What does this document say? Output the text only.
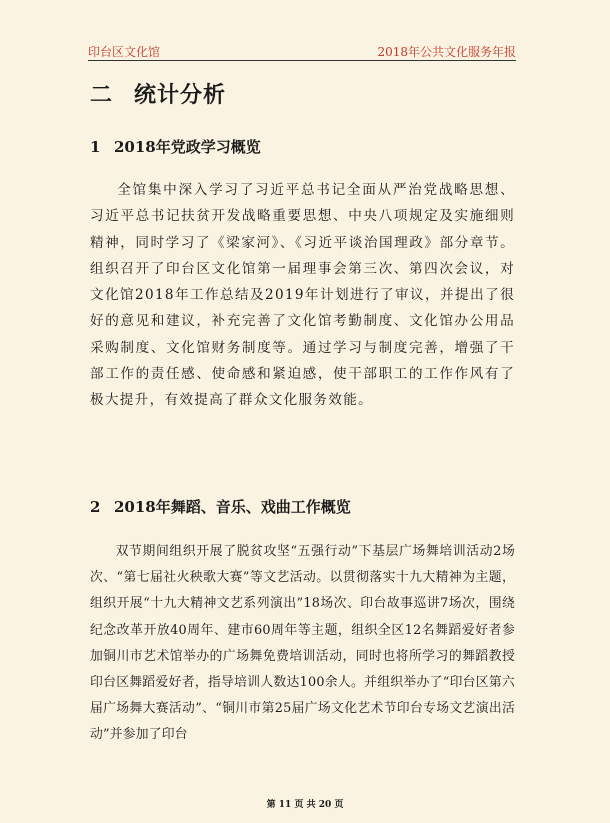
印台区文化馆	2018年公共文化服务年报
二 统计分析
1 2018年党政学习概览
全馆集中深入学习了习近平总书记全面从严治党战略思想、习近平总书记扶贫开发战略重要思想、中央八项规定及实施细则精神，同时学习了《梁家河》、《习近平谈治国理政》部分章节。组织召开了印台区文化馆第一届理事会第三次、第四次会议，对文化馆2018年工作总结及2019年计划进行了审议，并提出了很好的意见和建议，补充完善了文化馆考勤制度、文化馆办公用品采购制度、文化馆财务制度等。通过学习与制度完善，增强了干部工作的责任感、使命感和紧迫感，使干部职工的工作作风有了极大提升，有效提高了群众文化服务效能。
2 2018年舞蹈、音乐、戏曲工作概览
双节期间组织开展了脱贫攻坚“五强行动”下基层广场舞培训活动2场次、“第七届社火秧歌大赛”等文艺活动。以贯彻落实十九大精神为主题，组织开展“十九大精神文艺系列演出”18场次、印台故事巡讲7场次，围绕纪念改革开放40周年、建市60周年等主题，组织全区12名舞蹈爱好者参加铜川市艺术馆举办的广场舞免费培训活动，同时也将所学习的舞蹈教授印台区舞蹈爱好者，指导培训人数达100余人。并组织举办了“印台区第六届广场舞大赛活动”、“铜川市第25届广场文化艺术节印台专场文艺演出活动”并参加了印台
第 11 页 共 20 页
